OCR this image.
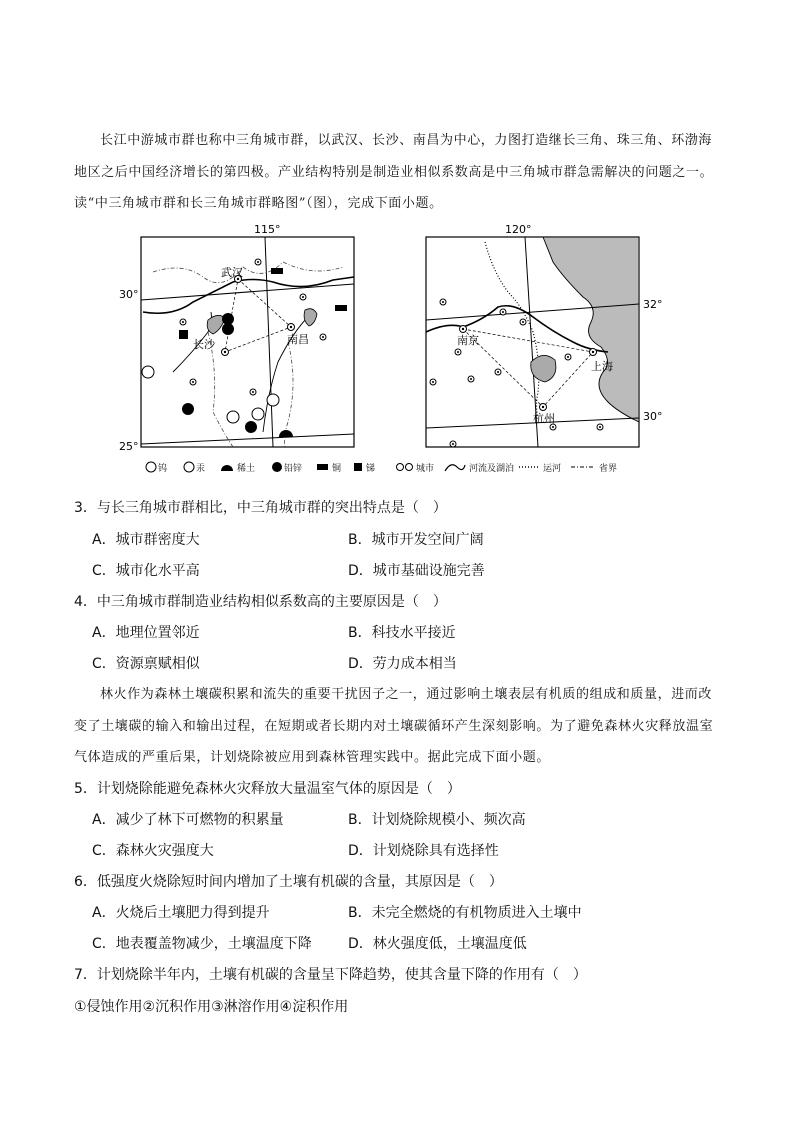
长江中游城市群也称中三角城市群，以武汉、长沙、南昌为中心，力图打造继长三角、珠三角、环渤海地区之后中国经济增长的第四极。产业结构特别是制造业相似系数高是中三角城市群急需解决的问题之一。读“中三角城市群和长三角城市群略图”（图），完成下面小题。
115°
30°
25°
武汉
长沙	南昌
120°
32°
30°
南京
上海
杭州
钨	汞	稀土	铅锌	铜	锑	城市	河流及湖泊	运河	省界
3．与长三角城市群相比，中三角城市群的突出特点是（　）
A．城市群密度大	B．城市开发空间广阔
C．城市化水平高	D．城市基础设施完善
4．中三角城市群制造业结构相似系数高的主要原因是（　）
A．地理位置邻近	B．科技水平接近
C．资源禀赋相似	D．劳力成本相当
林火作为森林土壤碳积累和流失的重要干扰因子之一，通过影响土壤表层有机质的组成和质量，进而改变了土壤碳的输入和输出过程，在短期或者长期内对土壤碳循环产生深刻影响。为了避免森林火灾释放温室气体造成的严重后果，计划烧除被应用到森林管理实践中。据此完成下面小题。
5．计划烧除能避免森林火灾释放大量温室气体的原因是（　）
A．减少了林下可燃物的积累量	B．计划烧除规模小、频次高
C．森林火灾强度大	D．计划烧除具有选择性
6．低强度火烧除短时间内增加了土壤有机碳的含量，其原因是（　）
A．火烧后土壤肥力得到提升	B．未完全燃烧的有机物质进入土壤中
C．地表覆盖物减少，土壤温度下降	D．林火强度低，土壤温度低
7．计划烧除半年内，土壤有机碳的含量呈下降趋势，使其含量下降的作用有（　）
①侵蚀作用②沉积作用③淋溶作用④淀积作用
